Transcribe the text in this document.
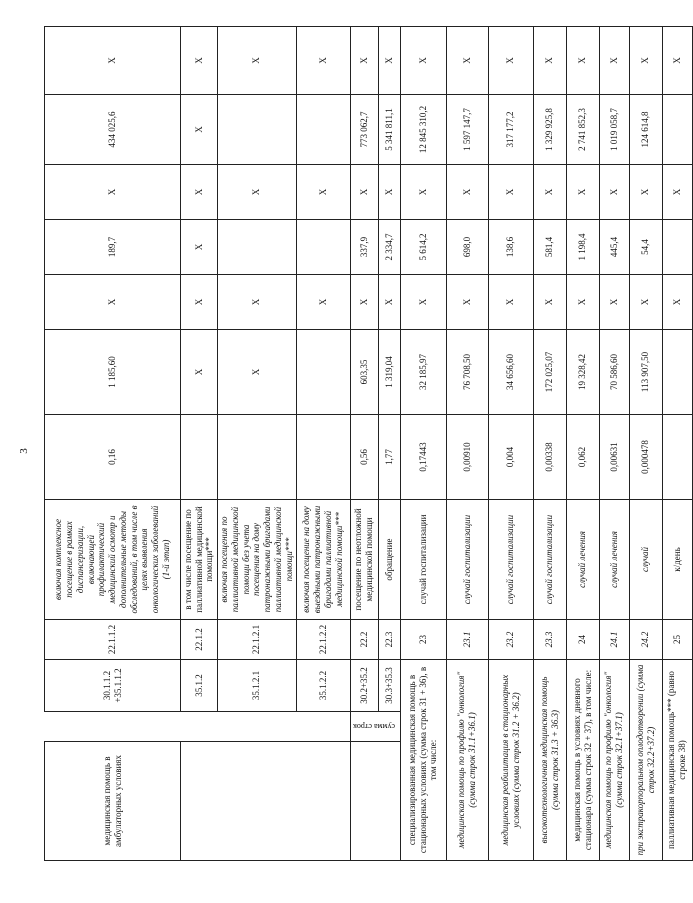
3
медицинская помощь в амбулаторных условиях		30.1.1.2 +35.1.1.2	22.1.1.2	включая комплексное посещение в рамках диспансеризации, включающей профилактический медицинский осмотр и дополнительные методы обследований, в том числе в целях выявления онкологических заболеваний (1-й этап)	0,16	1 185,60	X	189,7	X	434 025,6	X
		35.1.2	22.1.2	в том числе посещение по паллиативной медицинской помощи***		X	X	X	X	X	X
		35.1.2.1	22.1.2.1	включая посещения по паллиативной медицинской помощи без учета посещения на дому патронажными бригадами паллиативной медицинской помощи***		X	X		X		X
		35.1.2.2	22.1.2.2	включая посещение на дому выездными патронажными бригадами паллиативной медицинской помощи***			X		X		X
	сумма строк	30.2+35.2	22.2	посещение по неотложной медицинской помощи	0,56	603,35	X	337,9	X	773 062,7	X
		30.3+35.3	22.3	обращение	1,77	1 319,04	X	2 334,7	X	5 341 811,1	X
специализированная медицинская помощь в стационарных условиях (сумма строк 31 + 36), в том числе:			23	случай госпитализации	0,17443	32 185,97	X	5 614,2	X	12 845 310,2	X
медицинская помощь по профилю "онкология" (сумма строк 31.1+36.1)			23.1	случай госпитализации	0,00910	76 708,50	X	698,0	X	1 597 147,7	X
медицинская реабилитация в стационарных условиях (сумма строк 31.2 + 36.2)			23.2	случай госпитализации	0,004	34 656,60	X	138,6	X	317 177,2	X
высокотехнологичная медицинская помощь (сумма строк 31.3 + 36.3)			23.3	случай госпитализации	0,00338	172 025,07	X	581,4	X	1 329 925,8	X
медицинская помощь в условиях дневного стационара (сумма строк 32 + 37), в том числе:			24	случай лечения	0,062	19 328,42	X	1 198,4	X	2 741 852,3	X
медицинская помощь по профилю "онкология" (сумма строк 32.1+37.1)			24.1	случай лечения	0,00631	70 586,60	X	445,4	X	1 019 058,7	X
при экстракорпоральном оплодотворении (сумма строк 32.2+37.2)			24.2	случай	0,000478	113 907,50	X	54,4	X	124 614,8	X
паллиативная медицинская помощь*** (равно строке 38)			25	к/день			X		X		X
